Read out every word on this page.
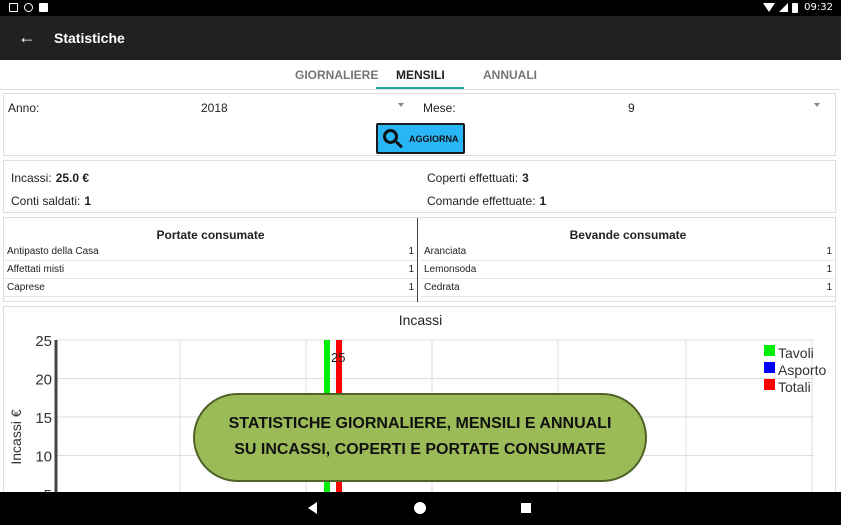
09:32
← Statistiche
GIORNALIERE MENSILI	ANNUALI
Anno:	2018	Mese:	9
AGGIORNA
Incassi: 25.0 €	Coperti effettuati: 3
Conti saldati: 1	Comande effettuate: 1
Portate consumate
Antipasto della Casa	1
Affettati misti	1
Caprese	1
Bevande consumate
Aranciata	1
Lemonsoda	1
Cedrata	1
Incassi
25
20
15
10
Incassi €
25	Tavoli
Asporto
Totali
STATISTICHE GIORNALIERE, MENSILI E ANNUALI
SU INCASSI, COPERTI E PORTATE CONSUMATE
